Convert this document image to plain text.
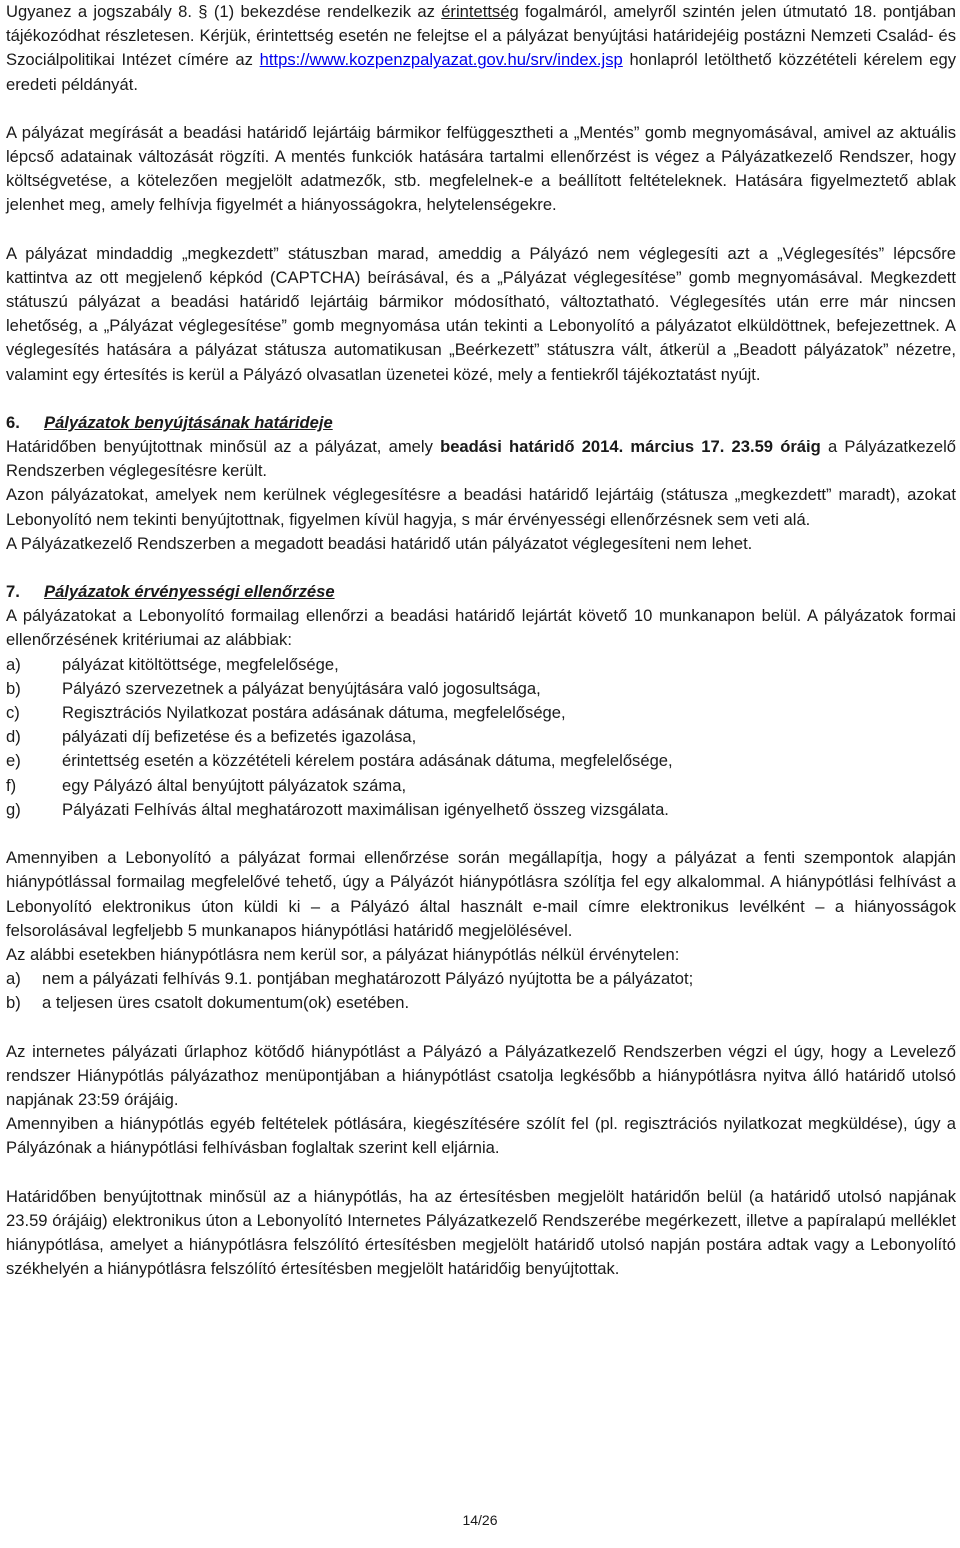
Ugyanez a jogszabály 8. § (1) bekezdése rendelkezik az érintettség fogalmáról, amelyről szintén jelen útmutató 18. pontjában tájékozódhat részletesen. Kérjük, érintettség esetén ne felejtse el a pályázat benyújtási határidejéig postázni Nemzeti Család- és Szociálpolitikai Intézet címére az https://www.kozpenzpalyazat.gov.hu/srv/index.jsp honlapról letölthető közzétételi kérelem egy eredeti példányát.

A pályázat megírását a beadási határidő lejártáig bármikor felfüggesztheti a „Mentés” gomb megnyomásával, amivel az aktuális lépcső adatainak változását rögzíti. A mentés funkciók hatására tartalmi ellenőrzést is végez a Pályázatkezelő Rendszer, hogy költségvetése, a kötelezően megjelölt adatmezők, stb. megfelelnek-e a beállított feltételeknek. Hatására figyelmeztető ablak jelenhet meg, amely felhívja figyelmét a hiányosságokra, helytelenségekre.

A pályázat mindaddig „megkezdett” státuszban marad, ameddig a Pályázó nem véglegesíti azt a „Véglegesítés” lépcsőre kattintva az ott megjelenő képkód (CAPTCHA) beírásával, és a „Pályázat véglegesítése” gomb megnyomásával. Megkezdett státuszú pályázat a beadási határidő lejártáig bármikor módosítható, változtatható. Véglegesítés után erre már nincsen lehetőség, a „Pályázat véglegesítése” gomb megnyomása után tekinti a Lebonyolító a pályázatot elküldöttnek, befejezettnek. A véglegesítés hatására a pályázat státusza automatikusan „Beérkezett” státuszra vált, átkerül a „Beadott pályázatok” nézetre, valamint egy értesítés is kerül a Pályázó olvasatlan üzenetei közé, mely a fentiekről tájékoztatást nyújt.

6. Pályázatok benyújtásának határideje

Határidőben benyújtottnak minősül az a pályázat, amely beadási határidő 2014. március 17. 23.59 óráig a Pályázatkezelő Rendszerben véglegesítésre került.

Azon pályázatokat, amelyek nem kerülnek véglegesítésre a beadási határidő lejártáig (státusza „megkezdett” maradt), azokat Lebonyolító nem tekinti benyújtottnak, figyelmen kívül hagyja, s már érvényességi ellenőrzésnek sem veti alá.

A Pályázatkezelő Rendszerben a megadott beadási határidő után pályázatot véglegesíteni nem lehet.

7. Pályázatok érvényességi ellenőrzése

A pályázatokat a Lebonyolító formailag ellenőrzi a beadási határidő lejártát követő 10 munkanapon belül. A pályázatok formai ellenőrzésének kritériumai az alábbiak:

a)	pályázat kitöltöttsége, megfelelősége,
b)	Pályázó szervezetnek a pályázat benyújtására való jogosultsága,
c)	Regisztrációs Nyilatkozat postára adásának dátuma, megfelelősége,
d)	pályázati díj befizetése és a befizetés igazolása,
e)	érintettség esetén a közzétételi kérelem postára adásának dátuma, megfelelősége,
f)	egy Pályázó által benyújtott pályázatok száma,
g)	Pályázati Felhívás által meghatározott maximálisan igényelhető összeg vizsgálata.

Amennyiben a Lebonyolító a pályázat formai ellenőrzése során megállapítja, hogy a pályázat a fenti szempontok alapján hiánypótlással formailag megfelelővé tehető, úgy a Pályázót hiánypótlásra szólítja fel egy alkalommal. A hiánypótlási felhívást a Lebonyolító elektronikus úton küldi ki – a Pályázó által használt e-mail címre elektronikus levélként – a hiányosságok felsorolásával legfeljebb 5 munkanapos hiánypótlási határidő megjelölésével.

Az alábbi esetekben hiánypótlásra nem kerül sor, a pályázat hiánypótlás nélkül érvénytelen:

a)	nem a pályázati felhívás 9.1. pontjában meghatározott Pályázó nyújtotta be a pályázatot;
b)	a teljesen üres csatolt dokumentum(ok) esetében.

Az internetes pályázati űrlaphoz kötődő hiánypótlást a Pályázó a Pályázatkezelő Rendszerben végzi el úgy, hogy a Levelező rendszer Hiánypótlás pályázathoz menüpontjában a hiánypótlást csatolja legkésőbb a hiánypótlásra nyitva álló határidő utolsó napjának 23:59 órájáig.

Amennyiben a hiánypótlás egyéb feltételek pótlására, kiegészítésére szólít fel (pl. regisztrációs nyilatkozat megküldése), úgy a Pályázónak a hiánypótlási felhívásban foglaltak szerint kell eljárnia.

Határidőben benyújtottnak minősül az a hiánypótlás, ha az értesítésben megjelölt határidőn belül (a határidő utolsó napjának 23.59 órájáig) elektronikus úton a Lebonyolító Internetes Pályázatkezelő Rendszerébe megérkezett, illetve a papíralapú melléklet hiánypótlása, amelyet a hiánypótlásra felszólító értesítésben megjelölt határidő utolsó napján postára adtak vagy a Lebonyolító székhelyén a hiánypótlásra felszólító értesítésben megjelölt határidőig benyújtottak.

14/26
